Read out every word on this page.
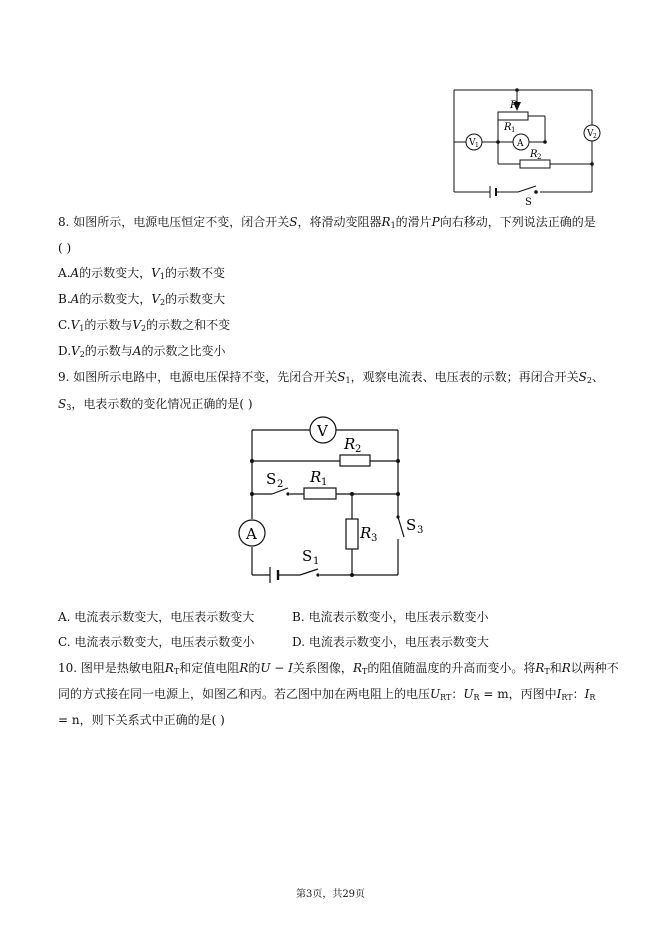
P
R 1
A
V 1
V 2
R 2
S
8. 如图所示，电源电压恒定不变，闭合开关S，将滑动变阻器$R_1$的滑片P向右移动，下列说法正确的是
( )
A.A的示数变大，$V_1$的示数不变
B.A的示数变大，$V_2$的示数变大
$C.V_1$的示数与$V_2$的示数之和不变
$D.V_2$的示数与A的示数之比变小
9. 如图所示电路中，电源电压保持不变，先闭合开关$S_1$，观察电流表、电压表的示数；再闭合开关$S_2$、
$S_3$，电表示数的变化情况正确的是( )
V
A
R 2
S 2 R 1
R 3
S 3
S 1
A. 电流表示数变大，电压表示数变大	B. 电流表示数变小，电压表示数变小
C. 电流表示数变大，电压表示数变小	D. 电流表示数变小，电压表示数变大
10. 图甲是热敏电阻$R_T$和定值电阻R的U − I关系图像，$R_T$的阻值随温度的升高而变小。将$R_T$和R以两种不
同的方式接在同一电源上，如图乙和丙。若乙图中加在两电阻上的电压$U_{RT}$：$U_R = m$，丙图中$I_{RT}$：$I_R$
= n，则下关系式中正确的是( )
第3页，共29页
